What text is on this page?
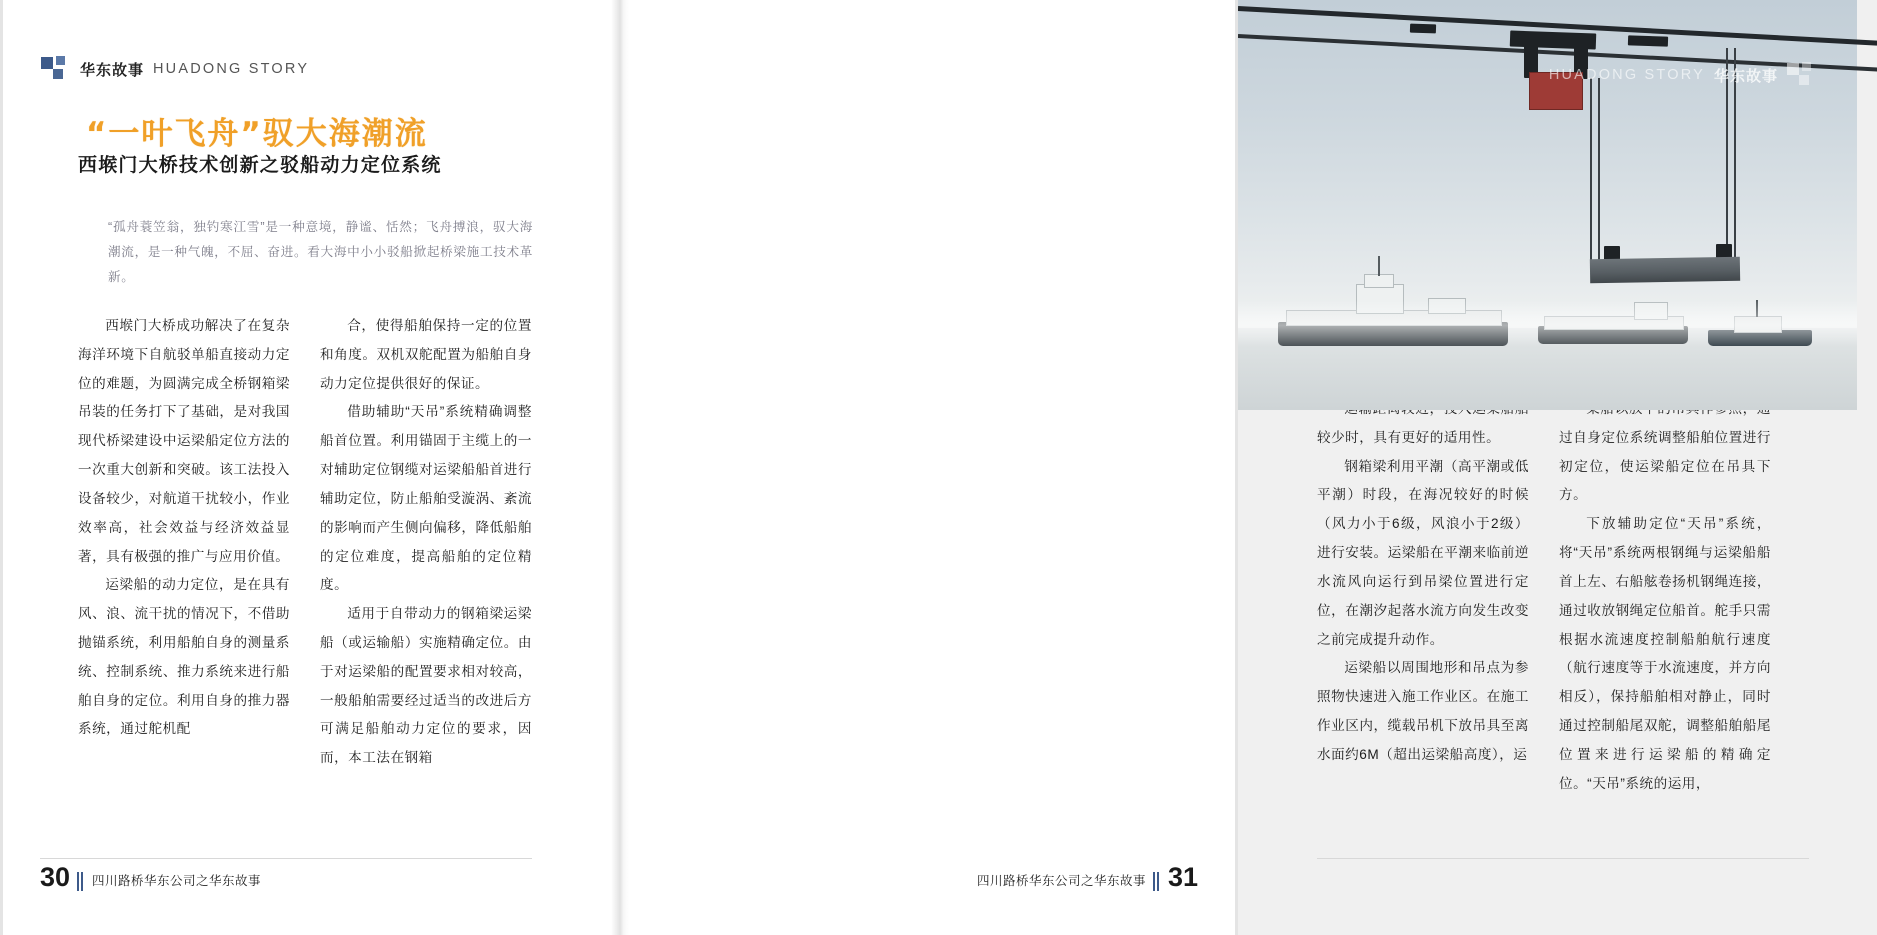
华东故事 HUADONG STORY
“一叶飞舟”驭大海潮流
西堠门大桥技术创新之驳船动力定位系统
“孤舟蓑笠翁，独钓寒江雪”是一种意境，静谧、恬然；飞舟搏浪，驭大海潮流，是一种气魄，不屈、奋进。看大海中小小驳船掀起桥梁施工技术革新。

西堠门大桥成功解决了在复杂海洋环境下自航驳单船直接动力定位的难题，为圆满完成全桥钢箱梁吊装的任务打下了基础，是对我国现代桥梁建设中运梁船定位方法的一次重大创新和突破。该工法投入设备较少，对航道干扰较小，作业效率高，社会效益与经济效益显著，具有极强的推广与应用价值。

运梁船的动力定位，是在具有风、浪、流干扰的情况下，不借助抛锚系统，利用船舶自身的测量系统、控制系统、推力系统来进行船舶自身的定位。利用自身的推力器系统，通过舵机配

合，使得船舶保持一定的位置和角度。双机双舵配置为船舶自身动力定位提供很好的保证。

借助辅助“天吊”系统精确调整船首位置。利用锚固于主缆上的一对辅助定位钢缆对运梁船船首进行辅助定位，防止船舶受漩涡、紊流的影响而产生侧向偏移，降低船舶的定位难度，提高船舶的定位精度。

适用于自带动力的钢箱梁运梁船（或运输船）实施精确定位。由于对运梁船的配置要求相对较高，一般船舶需要经过适当的改进后方可满足船舶动力定位的要求，因而，本工法在钢箱

30 四川路桥华东公司之华东故事
HUADONG STORY 华东故事

较少时，具有更好的适用性。

钢箱梁利用平潮（高平潮或低平潮）时段，在海况较好的时候（风力小于6级，风浪小于2级）进行安装。运梁船在平潮来临前逆水流风向运行到吊梁位置进行定位，在潮汐起落水流方向发生改变之前完成提升动作。

运梁船以周围地形和吊点为参照物快速进入施工作业区。在施工作业区内，缆载吊机下放吊具至离水面约6M（超出运梁船高度），运

过自身定位系统调整船舶位置进行初定位，使运梁船定位在吊具下方。

下放辅助定位“天吊”系统，将“天吊”系统两根钢绳与运梁船船首上左、右船舷卷扬机钢绳连接，通过收放钢绳定位船首。舵手只需根据水流速度控制船舶航行速度（航行速度等于水流速度，并方向相反），保持船舶相对静止，同时通过控制船尾双舵，调整船舶船尾位置来进行运梁船的精确定位。“天吊”系统的运用，

四川路桥华东公司之华东故事 31
